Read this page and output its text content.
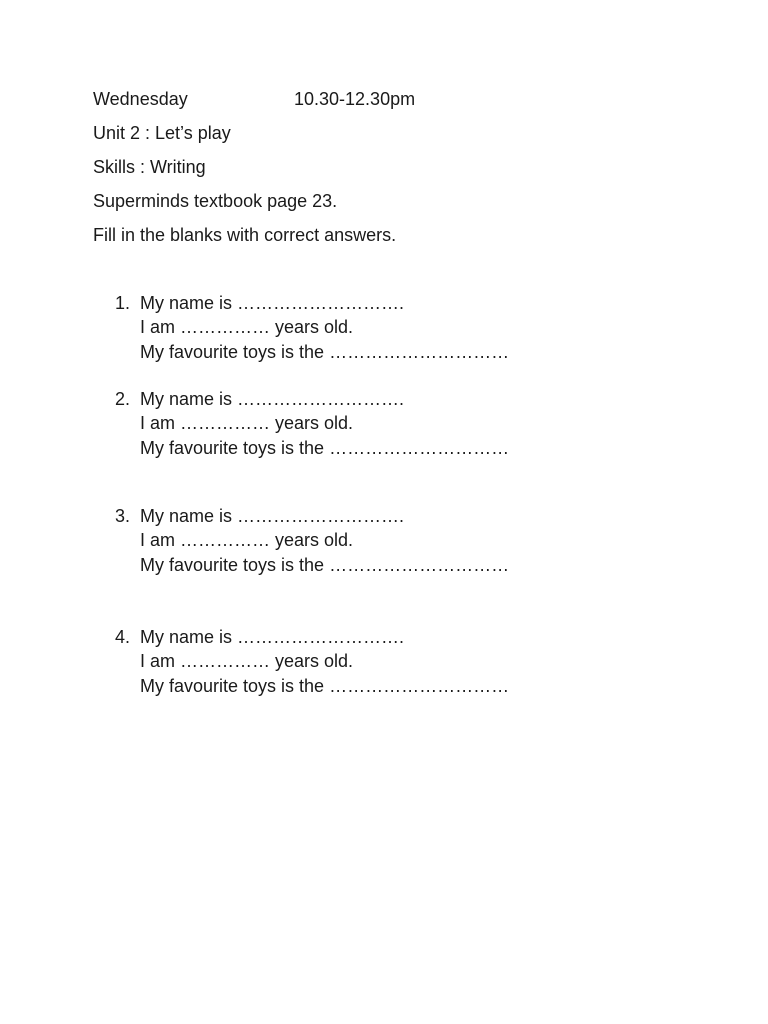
Wednesday	10.30-12.30pm
Unit 2 : Let’s play
Skills : Writing
Superminds textbook page 23.
Fill in the blanks with correct answers.
1. My name is ……………………….
I am …………… years old.
My favourite toys is the …………………………
2. My name is ……………………….
I am …………… years old.
My favourite toys is the …………………………
3. My name is ……………………….
I am …………… years old.
My favourite toys is the …………………………
4. My name is ……………………….
I am …………… years old.
My favourite toys is the …………………………
